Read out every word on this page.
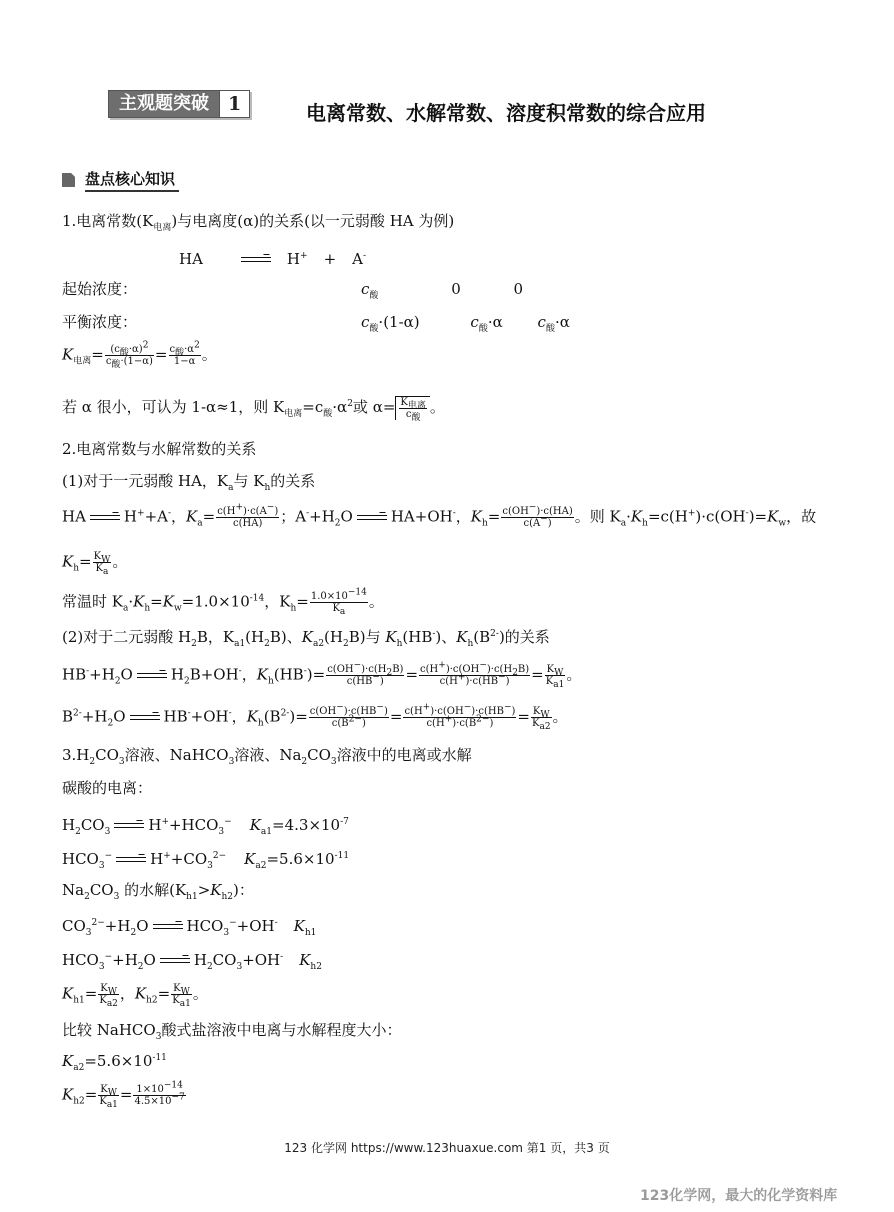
主观题突破	1	电离常数、水解常数、溶度积常数的综合应用
盘点核心知识
1.电离常数$(K_{电离})$与电离度(α)的关系(以一元弱酸 HA 为例)
HA	H+ + A-
起始浓度：	$c_酸$	0	0
平衡浓度：	$c_酸\cdot(1-\alpha)$	$c_酸\cdot\alpha$ $c_酸\cdot\alpha$
$K_{电离}= \frac{(c_酸\cdot\alpha)^2}{c_酸\cdot(1-\alpha)} = \frac{c_酸\cdot\alpha^2}{1-\alpha}$ 。
若 α 很小，可认为 1-α≈1，则 $K_{电离}=c_酸\cdot\alpha^2$或 $\alpha= \frac{K_{电离}}{c_酸}$ 。
2.电离常数与水解常数的关系
(1)对于一元弱酸 HA，$K_a$与 $K_h$的关系
HA	H++A-，$K_a= \frac{c(H^+)\cdot c(A^-)}{c(HA)}$ ；$A^-+H_2O$	HA+OH-，$K_h= \frac{c(OH^-)\cdot c(HA)}{c(A^-)}$ 。则 $K_a\cdot K_h=c(H^+)\cdot c(OH^-)=K_w$，故
$K_h= \frac{K_W}{K_a}$ 。
常温时 $K_a\cdot K_h=K_w=1.0\times 10^{-14}$，$K_h= \frac{1.0\times 10^{-14}}{K_a}$ 。
(2)对于二元弱酸 $H_2B$，$K_{a1}(H_2B)$、$K_{a2}(H_2B)$与 $K_h(HB^-)$、$K_h(B^{2-})$的关系
$HB^-+H_2O$	$H_2B+OH^-$，$K_h(HB^-)= \frac{c(OH^-)\cdot c(H_2B)}{c(HB^-)} = \frac{c(H^+)\cdot c(OH^-)\cdot c(H_2B)}{c(H^+)\cdot c(HB^-)} = \frac{K_W}{K_{a1}}$ 。
$B^{2-}+H_2O$	HB-+OH-，$K_h(B^{2-})= \frac{c(OH^-)\cdot c(HB^-)}{c(B^{2-})} = \frac{c(H^+)\cdot c(OH^-)\cdot c(HB^-)}{c(H^+)\cdot c(B^{2-})} = \frac{K_W}{K_{a2}}$ 。
$3.H_2CO_3$溶液、NaHCO$_3$溶液、$Na_2CO_3$溶液中的电离或水解
碳酸的电离：
$H_2CO_3$	$H^++HCO_3^-$ $K_{a1}=4.3\times 10^{-7}$
$HCO_3^-$	$H^++CO_3^{2-}$ $K_{a2}=5.6\times 10^{-11}$
$Na_2CO_3$ 的水解$(K_{h1}>K_{h2})$：
$CO_3^{2-}+H_2O$	$HCO_3^-+OH^-$ $K_{h1}$
$HCO_3^-+H_2O$	$H_2CO_3+OH^-$ $K_{h2}$
$K_{h1}= \frac{K_W}{K_{a2}}$ ，$K_{h2}= \frac{K_W}{K_{a1}}$ 。
比较 NaHCO$_3$酸式盐溶液中电离与水解程度大小：
$K_{a2}=5.6\times 10^{-11}$
$K_{h2}= \frac{K_W}{K_{a1}} = \frac{1\times 10^{-14}}{4.5\times 10^{-7}}$
123 化学网 https://www.123huaxue.com 第1 页，共3 页
123化学网，最大的化学资料库
